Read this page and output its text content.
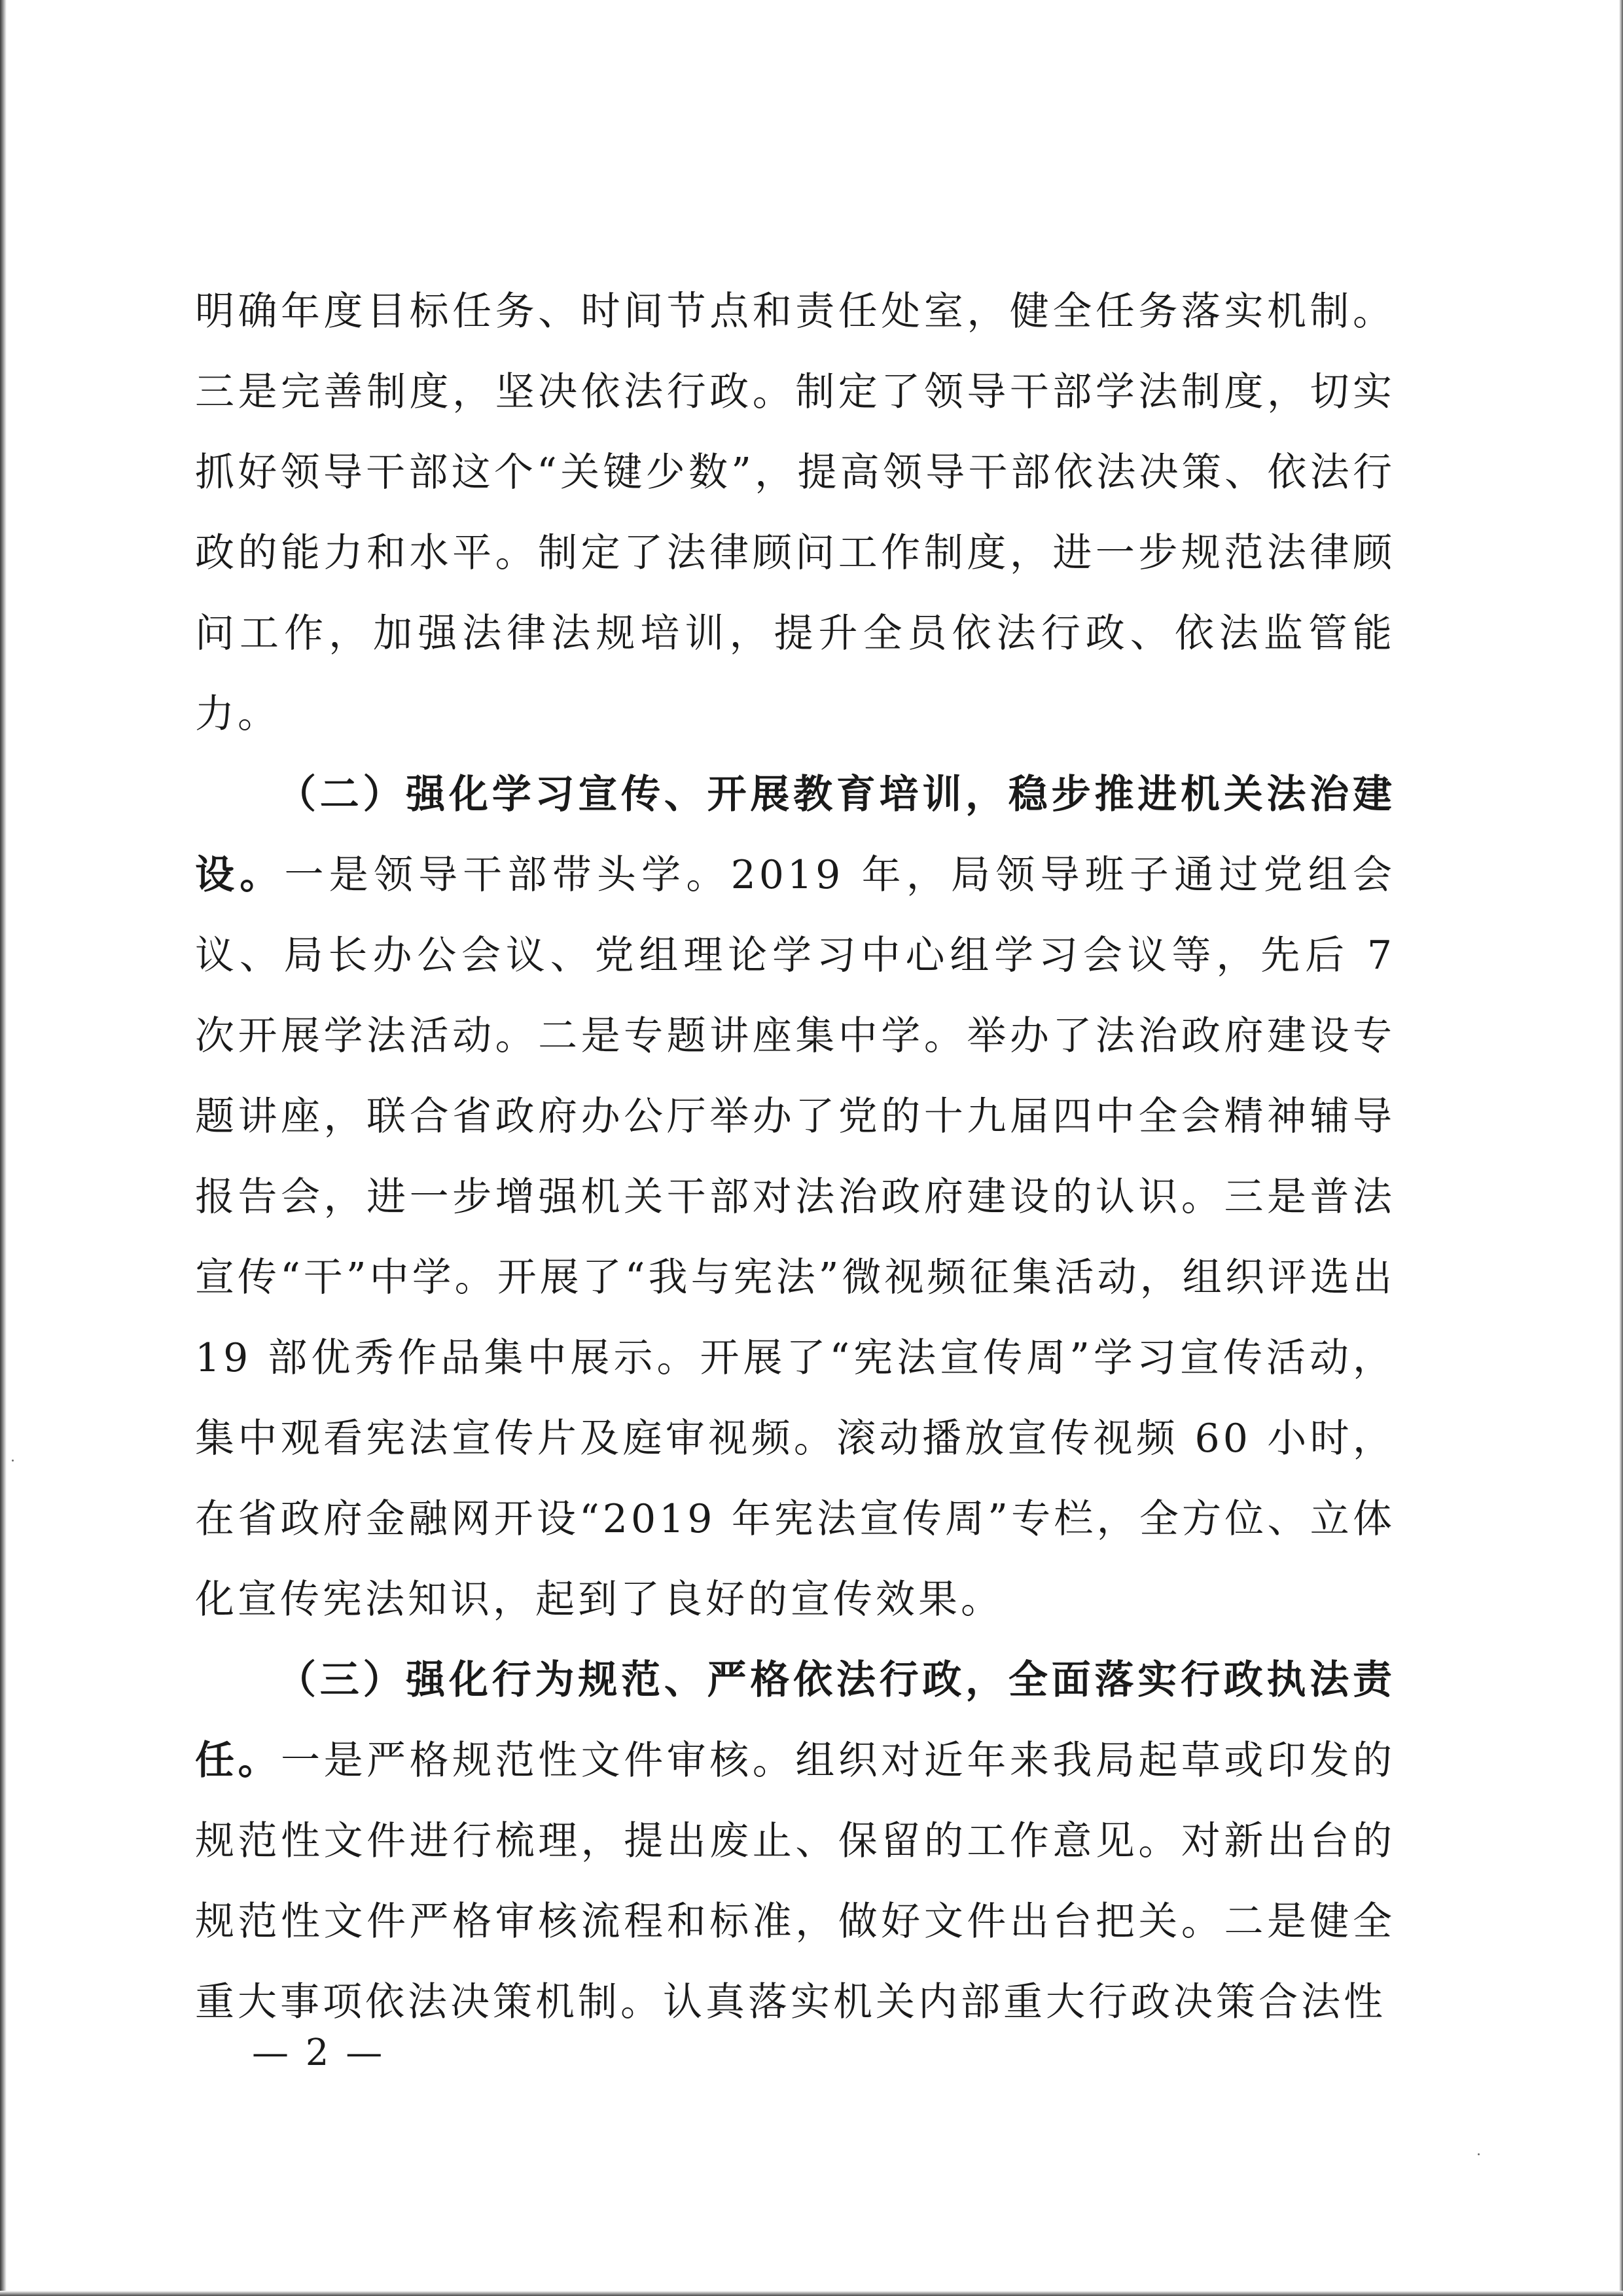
明确年度目标任务、时间节点和责任处室，健全任务落实机制。三是完善制度，坚决依法行政。制定了领导干部学法制度，切实抓好领导干部这个“关键少数”，提高领导干部依法决策、依法行政的能力和水平。制定了法律顾问工作制度，进一步规范法律顾问工作，加强法律法规培训，提升全员依法行政、依法监管能力。

（二）强化学习宣传、开展教育培训，稳步推进机关法治建设。一是领导干部带头学。2019 年，局领导班子通过党组会议、局长办公会议、党组理论学习中心组学习会议等，先后 7 次开展学法活动。二是专题讲座集中学。举办了法治政府建设专题讲座，联合省政府办公厅举办了党的十九届四中全会精神辅导报告会，进一步增强机关干部对法治政府建设的认识。三是普法宣传“干”中学。开展了“我与宪法”微视频征集活动，组织评选出 19 部优秀作品集中展示。开展了“宪法宣传周”学习宣传活动，集中观看宪法宣传片及庭审视频。滚动播放宣传视频 60 小时，在省政府金融网开设“2019 年宪法宣传周”专栏，全方位、立体化宣传宪法知识，起到了良好的宣传效果。

（三）强化行为规范、严格依法行政，全面落实行政执法责任。一是严格规范性文件审核。组织对近年来我局起草或印发的规范性文件进行梳理，提出废止、保留的工作意见。对新出台的规范性文件严格审核流程和标准，做好文件出台把关。二是健全重大事项依法决策机制。认真落实机关内部重大行政决策合法性

— 2 —
